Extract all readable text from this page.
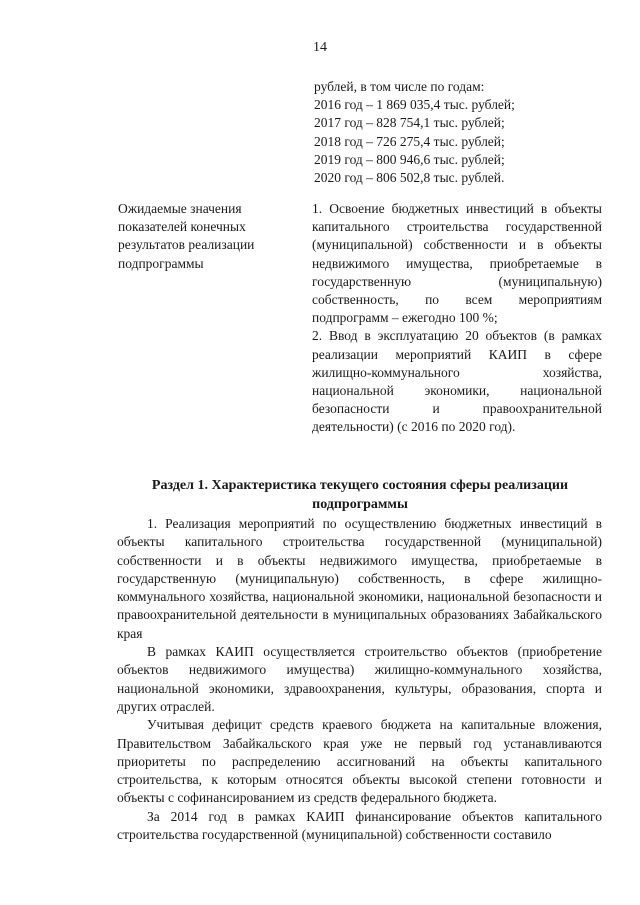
14
рублей, в том числе по годам:
2016 год – 1 869 035,4 тыс. рублей;
2017 год – 828 754,1 тыс. рублей;
2018 год – 726 275,4 тыс. рублей;
2019 год – 800 946,6 тыс. рублей;
2020 год – 806 502,8 тыс. рублей.
Ожидаемые значения показателей конечных результатов реализации подпрограммы

1. Освоение бюджетных инвестиций в объекты капитального строительства государственной (муниципальной) собственности и в объекты недвижимого имущества, приобретаемые в государственную (муниципальную) собственность, по всем мероприятиям подпрограмм – ежегодно 100 %;

2. Ввод в эксплуатацию 20 объектов (в рамках реализации мероприятий КАИП в сфере жилищно-коммунального хозяйства, национальной экономики, национальной безопасности и правоохранительной деятельности) (с 2016 по 2020 год).

Раздел 1. Характеристика текущего состояния сферы реализации подпрограммы

1. Реализация мероприятий по осуществлению бюджетных инвестиций в объекты капитального строительства государственной (муниципальной) собственности и в объекты недвижимого имущества, приобретаемые в государственную (муниципальную) собственность, в сфере жилищно-коммунального хозяйства, национальной экономики, национальной безопасности и правоохранительной деятельности в муниципальных образованиях Забайкальского края

В рамках КАИП осуществляется строительство объектов (приобретение объектов недвижимого имущества) жилищно-коммунального хозяйства, национальной экономики, здравоохранения, культуры, образования, спорта и других отраслей.

Учитывая дефицит средств краевого бюджета на капитальные вложения, Правительством Забайкальского края уже не первый год устанавливаются приоритеты по распределению ассигнований на объекты капитального строительства, к которым относятся объекты высокой степени готовности и объекты с софинансированием из средств федерального бюджета.

За 2014 год в рамках КАИП финансирование объектов капитального строительства государственной (муниципальной) собственности составило
